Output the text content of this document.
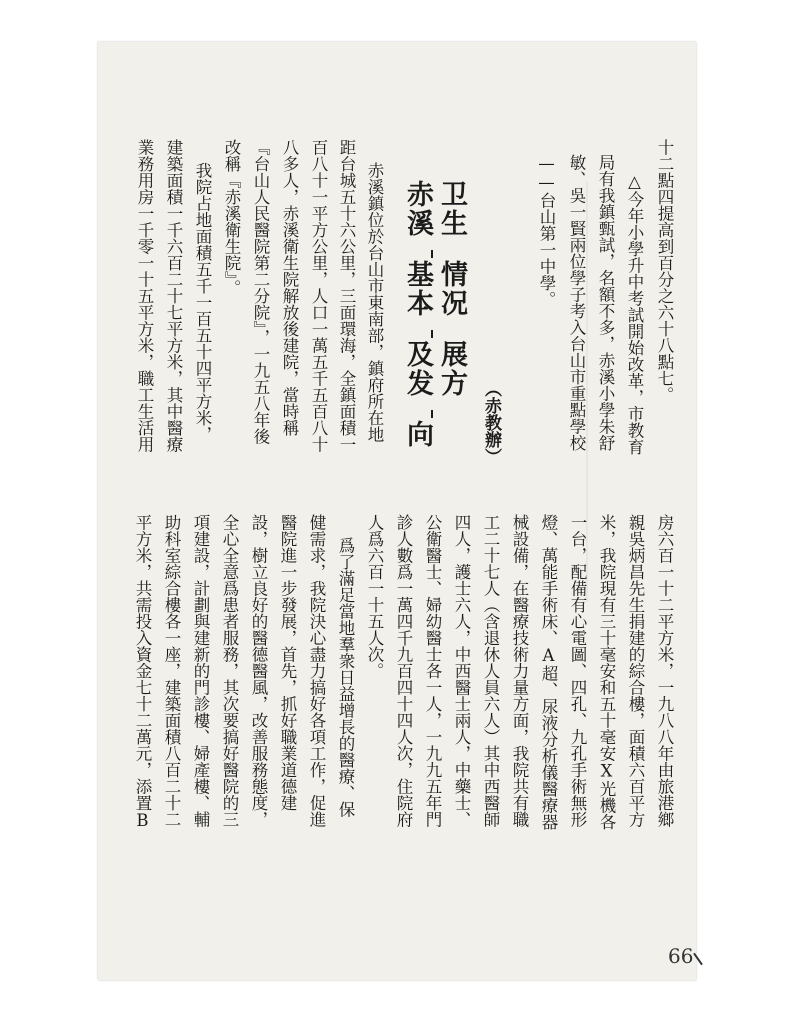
十二點四提高到百分之六十八點七。
△今年小學升中考試開始改革，市教育
局有我鎮甄試，名額不多，赤溪小學朱舒
敏、吳一賢兩位學子考入台山市重點學校
——台山第一中學。
（赤教辦）
卫生
情况
展方
赤溪
基本
及发
向
赤溪鎮位於台山市東南部，鎮府所在地
距台城五十六公里，三面環海，全鎮面積一
百八十一平方公里，人口一萬五千五百八十
八多人，赤溪衛生院解放後建院，當時稱
『台山人民醫院第二分院』，一九五八年後
改稱『赤溪衛生院』。
我院占地面積五千一百五十四平方米，
建築面積一千六百二十七平方米，其中醫療
業務用房一千零一十五平方米，職工生活用
房六百一十二平方米，一九八八年由旅港鄉
親吳炳昌先生捐建的綜合樓，面積六百平方
米，我院現有三十毫安和五十毫安X光機各
一台，配備有心電圖、四孔、九孔手術無形
燈、萬能手術床、A超、尿液分析儀醫療器
械設備，在醫療技術力量方面，我院共有職
工二十七人（含退休人員六人）其中西醫師
四人，護士六人，中西醫士兩人，中藥士、
公衛醫士、婦幼醫士各一人，一九九五年門
診人數爲一萬四千九百四十四人次，住院府
人爲六百一十五人次。
爲了滿足當地羣衆日益增長的醫療、保
健需求，我院決心盡力搞好各項工作，促進
醫院進一步發展，首先，抓好職業道德建
設，樹立良好的醫德醫風，改善服務態度，
全心全意爲患者服務，其次要搞好醫院的三
項建設，計劃與建新的門診樓、婦產樓、輔
助科室綜合樓各一座，建築面積八百二十二
平方米，共需投入資金七十二萬元，添置B
66
